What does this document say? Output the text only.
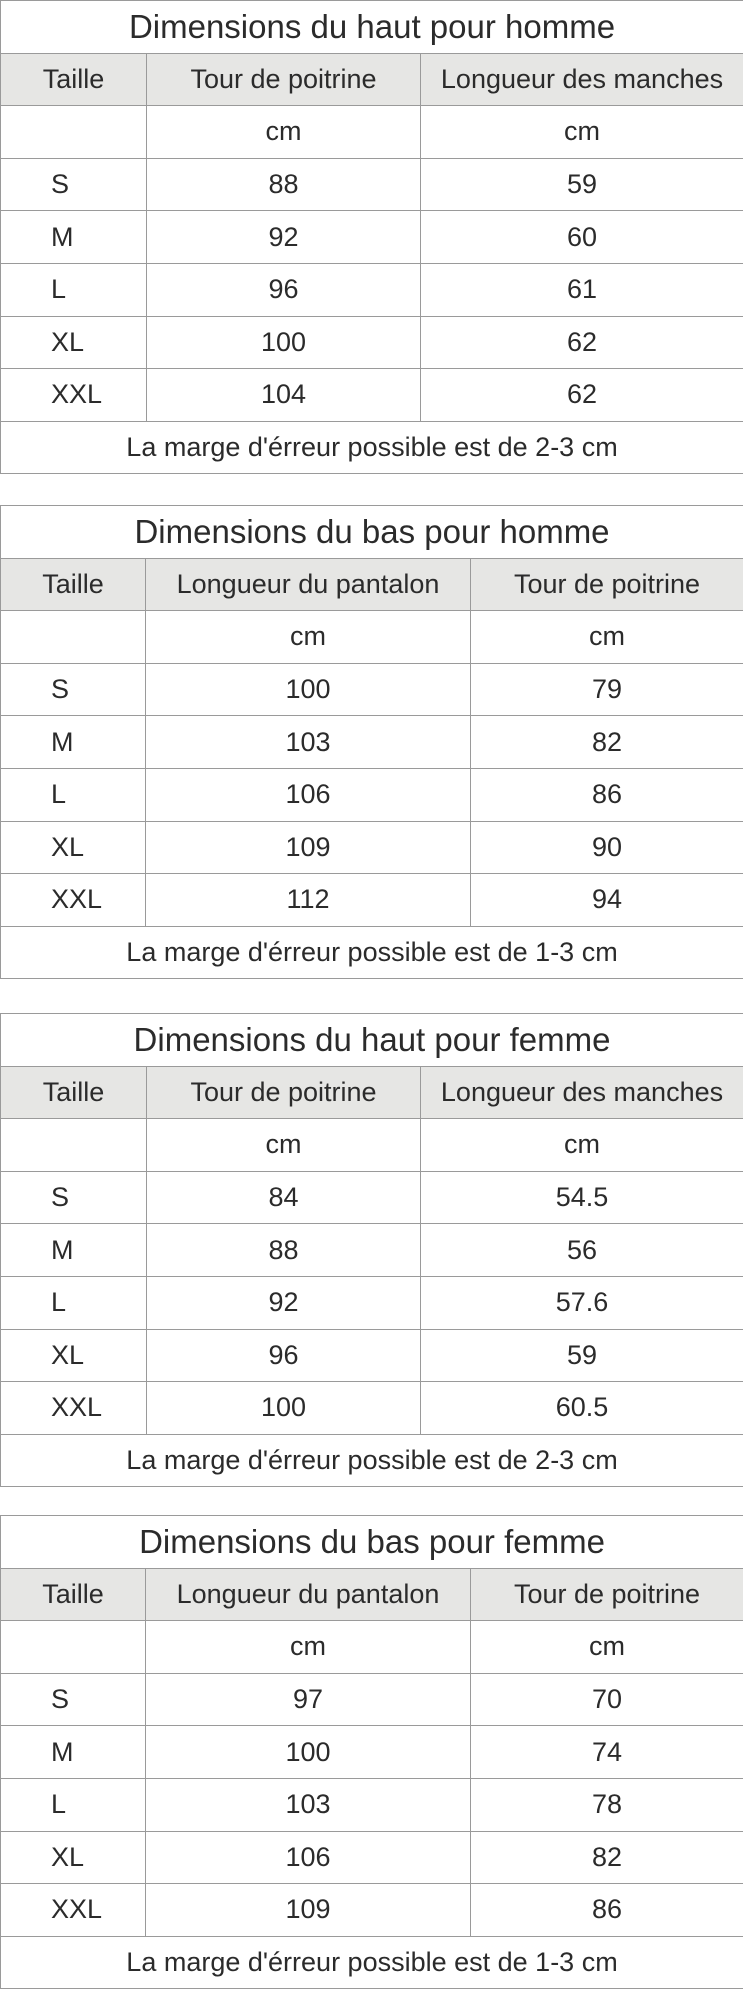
Dimensions du haut pour homme		
Taille	Tour de poitrine	Longueur des manches
	cm	cm
S	88	59
M	92	60
L	96	61
XL	100	62
XXL	104	62
La marge d'érreur possible est de 2-3 cm		
Dimensions du bas pour homme		
Taille	Longueur du pantalon	Tour de poitrine
	cm	cm
S	100	79
M	103	82
L	106	86
XL	109	90
XXL	112	94
La marge d'érreur possible est de 1-3 cm		
Dimensions du haut pour femme		
Taille	Tour de poitrine	Longueur des manches
	cm	cm
S	84	54.5
M	88	56
L	92	57.6
XL	96	59
XXL	100	60.5
La marge d'érreur possible est de 2-3 cm		
Dimensions du bas pour femme		
Taille	Longueur du pantalon	Tour de poitrine
	cm	cm
S	97	70
M	100	74
L	103	78
XL	106	82
XXL	109	86
La marge d'érreur possible est de 1-3 cm		
